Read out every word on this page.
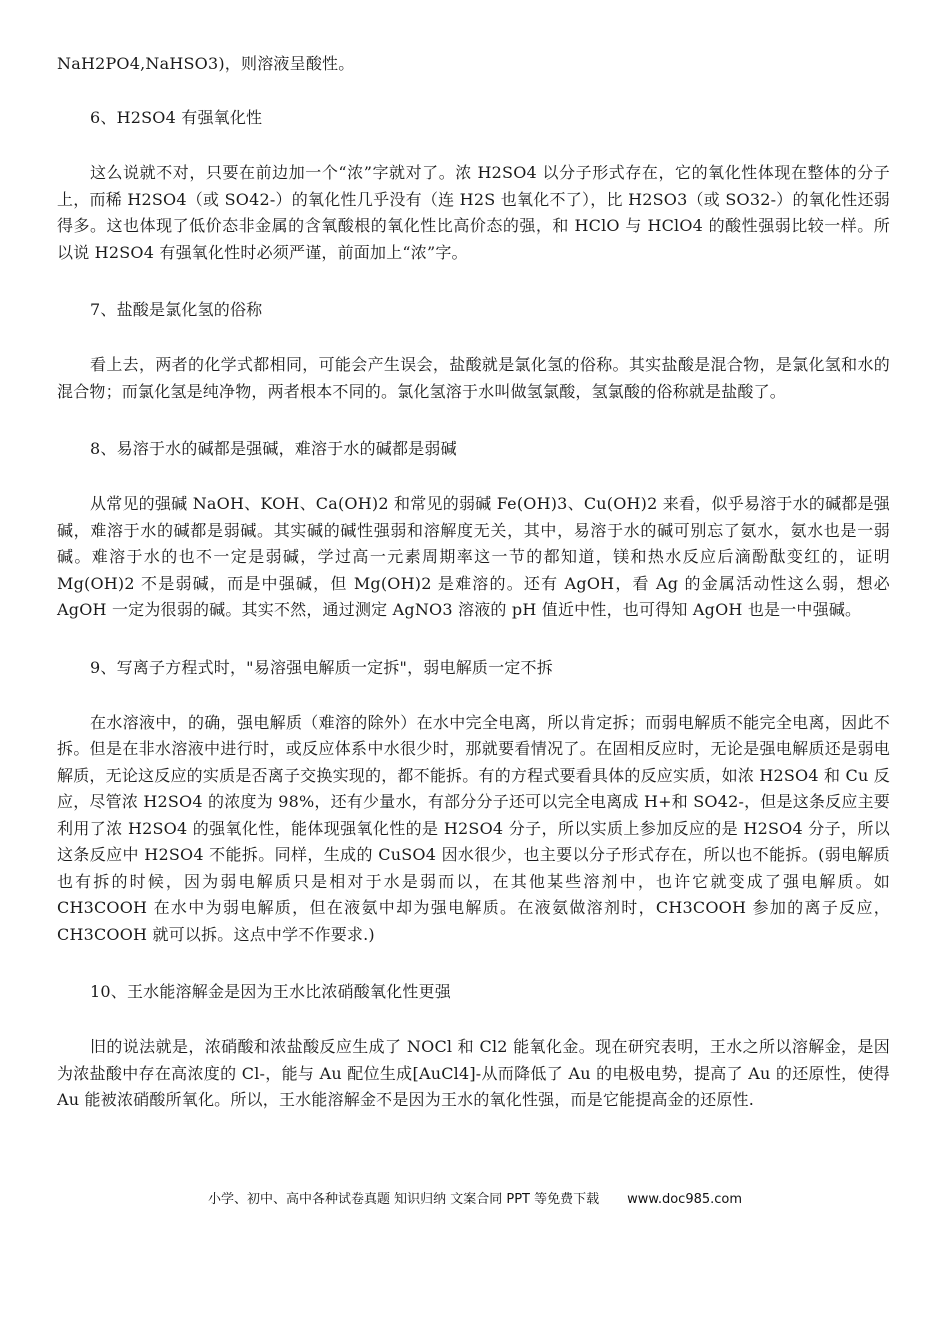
NaH2PO4,NaHSO3)，则溶液呈酸性。

6、H2SO4 有强氧化性

这么说就不对，只要在前边加一个“浓”字就对了。浓 H2SO4 以分子形式存在，它的氧化性体现在整体的分子上，而稀 H2SO4（或 SO42-）的氧化性几乎没有（连 H2S 也氧化不了），比 H2SO3（或 SO32-）的氧化性还弱得多。这也体现了低价态非金属的含氧酸根的氧化性比高价态的强，和 HClO 与 HClO4 的酸性强弱比较一样。所以说 H2SO4 有强氧化性时必须严谨，前面加上“浓”字。

7、盐酸是氯化氢的俗称

看上去，两者的化学式都相同，可能会产生误会，盐酸就是氯化氢的俗称。其实盐酸是混合物，是氯化氢和水的混合物；而氯化氢是纯净物，两者根本不同的。氯化氢溶于水叫做氢氯酸，氢氯酸的俗称就是盐酸了。

8、易溶于水的碱都是强碱，难溶于水的碱都是弱碱

从常见的强碱 NaOH、KOH、Ca(OH)2 和常见的弱碱 Fe(OH)3、Cu(OH)2 来看，似乎易溶于水的碱都是强碱，难溶于水的碱都是弱碱。其实碱的碱性强弱和溶解度无关，其中，易溶于水的碱可别忘了氨水，氨水也是一弱碱。难溶于水的也不一定是弱碱，学过高一元素周期率这一节的都知道，镁和热水反应后滴酚酞变红的，证明 Mg(OH)2 不是弱碱，而是中强碱，但 Mg(OH)2 是难溶的。还有 AgOH，看 Ag 的金属活动性这么弱，想必 AgOH 一定为很弱的碱。其实不然，通过测定 AgNO3 溶液的 pH 值近中性，也可得知 AgOH 也是一中强碱。

9、写离子方程式时，"易溶强电解质一定拆"，弱电解质一定不拆

在水溶液中，的确，强电解质（难溶的除外）在水中完全电离，所以肯定拆；而弱电解质不能完全电离，因此不拆。但是在非水溶液中进行时，或反应体系中水很少时，那就要看情况了。在固相反应时，无论是强电解质还是弱电解质，无论这反应的实质是否离子交换实现的，都不能拆。有的方程式要看具体的反应实质，如浓 H2SO4 和 Cu 反应，尽管浓 H2SO4 的浓度为 98%，还有少量水，有部分分子还可以完全电离成 H+和 SO42-，但是这条反应主要利用了浓 H2SO4 的强氧化性，能体现强氧化性的是 H2SO4 分子，所以实质上参加反应的是 H2SO4 分子，所以这条反应中 H2SO4 不能拆。同样，生成的 CuSO4 因水很少，也主要以分子形式存在，所以也不能拆。(弱电解质也有拆的时候，因为弱电解质只是相对于水是弱而以，在其他某些溶剂中，也许它就变成了强电解质。如 CH3COOH 在水中为弱电解质，但在液氨中却为强电解质。在液氨做溶剂时，CH3COOH 参加的离子反应，CH3COOH 就可以拆。这点中学不作要求.)

10、王水能溶解金是因为王水比浓硝酸氧化性更强

旧的说法就是，浓硝酸和浓盐酸反应生成了 NOCl 和 Cl2 能氧化金。现在研究表明，王水之所以溶解金，是因为浓盐酸中存在高浓度的 Cl-，能与 Au 配位生成[AuCl4]-从而降低了 Au 的电极电势，提高了 Au 的还原性，使得 Au 能被浓硝酸所氧化。所以，王水能溶解金不是因为王水的氧化性强，而是它能提高金的还原性.

小学、初中、高中各种试卷真题 知识归纳 文案合同 PPT 等免费下载 www.doc985.com
